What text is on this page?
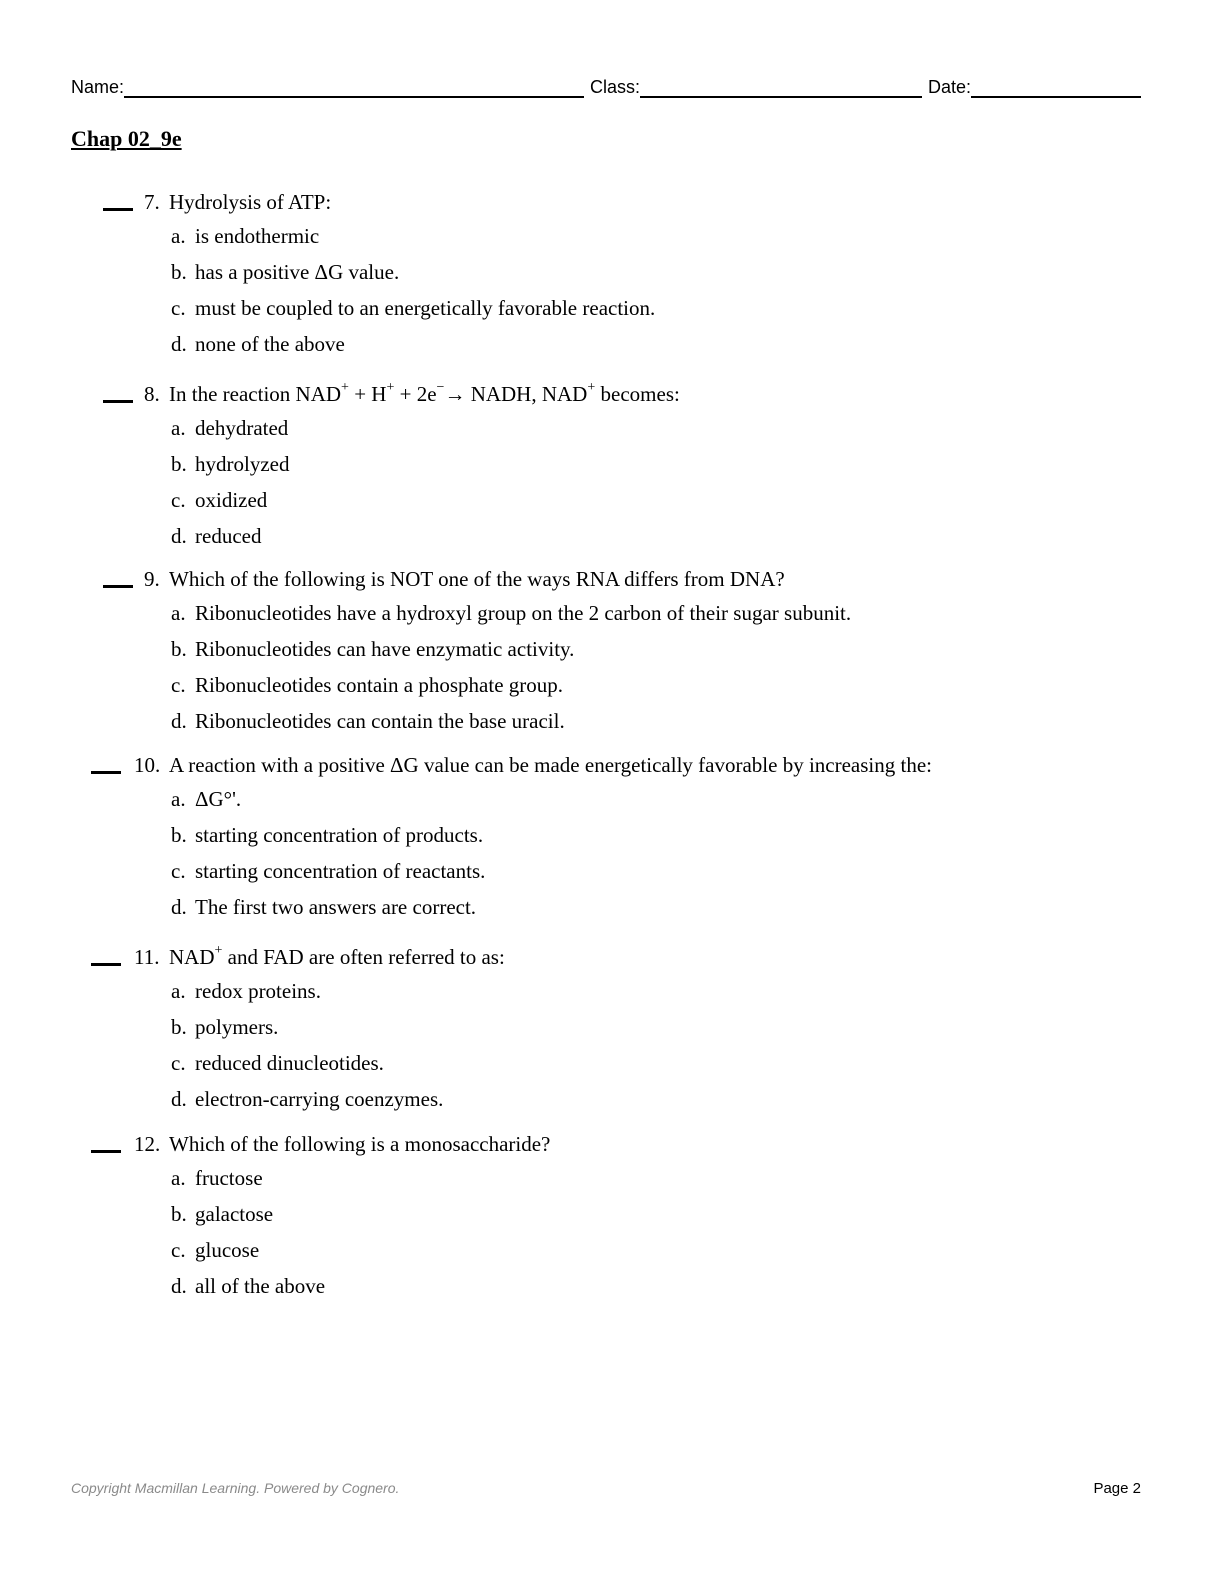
Name:	Class:	Date:
Chap 02_9e
7. Hydrolysis of ATP:
a. is endothermic
b. has a positive ΔG value.
c. must be coupled to an energetically favorable reaction.
d. none of the above
8. In the reaction NAD+ + H+ + 2e−→ NADH, NAD+ becomes:
a. dehydrated
b. hydrolyzed
c. oxidized
d. reduced
9. Which of the following is NOT one of the ways RNA differs from DNA?
a. Ribonucleotides have a hydroxyl group on the 2 carbon of their sugar subunit.
b. Ribonucleotides can have enzymatic activity.
c. Ribonucleotides contain a phosphate group.
d. Ribonucleotides can contain the base uracil.
10. A reaction with a positive ΔG value can be made energetically favorable by increasing the:
a. ΔG°'.
b. starting concentration of products.
c. starting concentration of reactants.
d. The first two answers are correct.
11. NAD+ and FAD are often referred to as:
a. redox proteins.
b. polymers.
c. reduced dinucleotides.
d. electron-carrying coenzymes.
12. Which of the following is a monosaccharide?
a. fructose
b. galactose
c. glucose
d. all of the above
Copyright Macmillan Learning. Powered by Cognero.	Page 2
